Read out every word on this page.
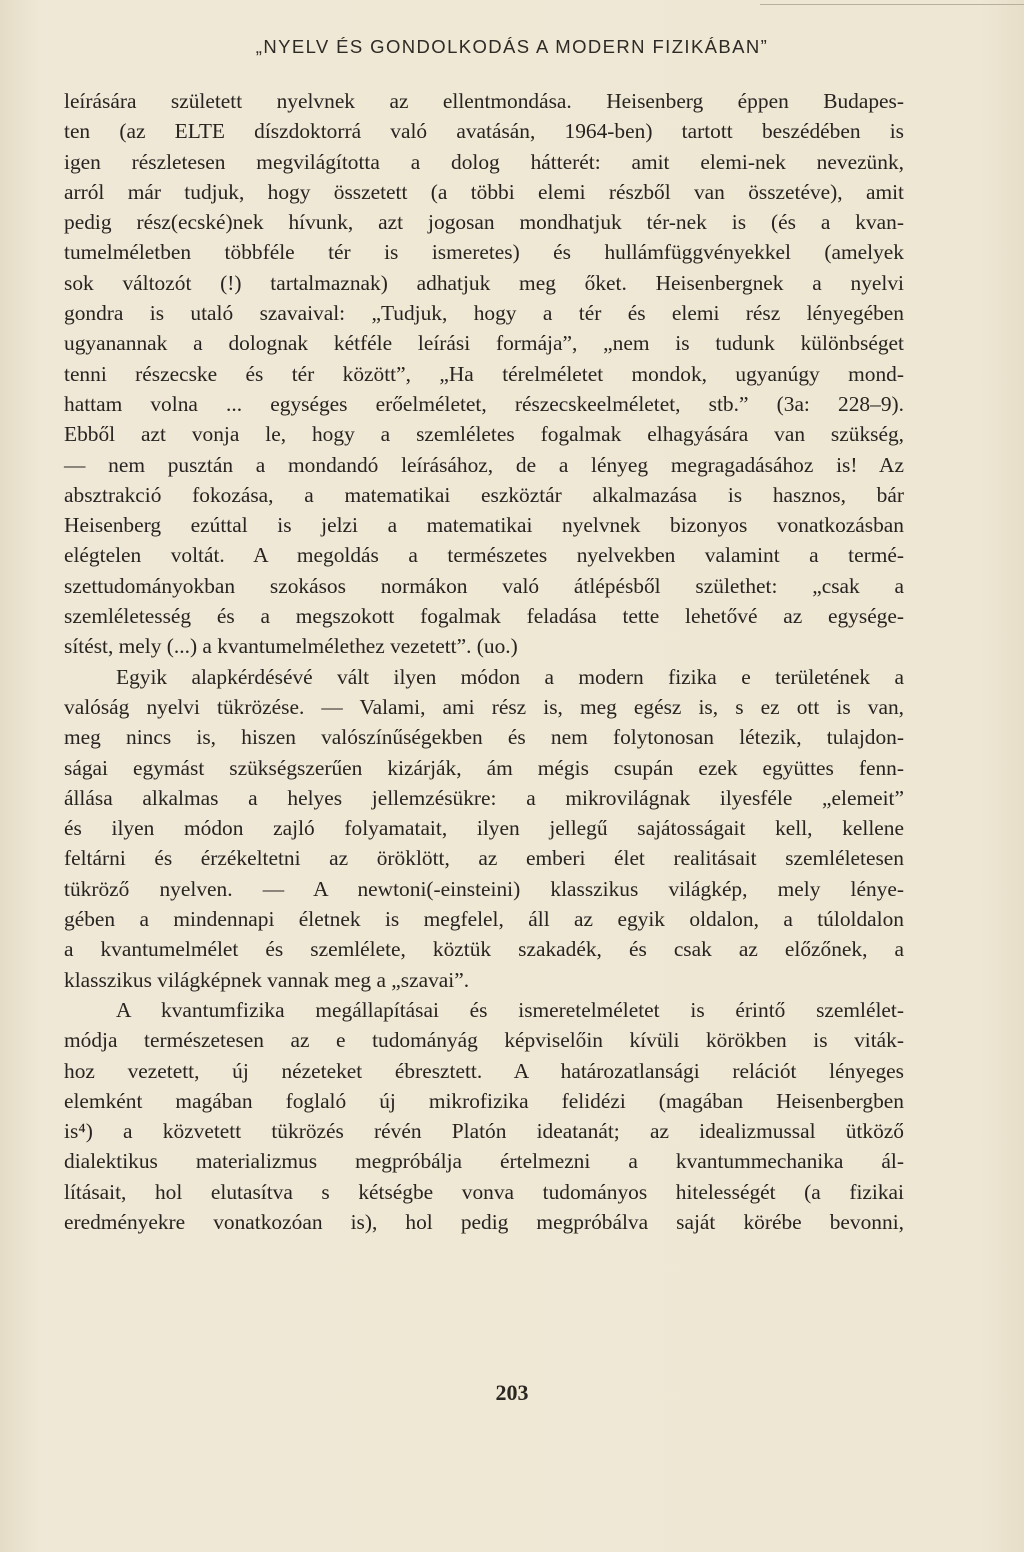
„NYELV ÉS GONDOLKODÁS A MODERN FIZIKÁBAN”
leírására született nyelvnek az ellentmondása. Heisenberg éppen Budapes-
ten (az ELTE díszdoktorrá való avatásán, 1964-ben) tartott beszédében is
igen részletesen megvilágította a dolog hátterét: amit elemi-nek nevezünk,
arról már tudjuk, hogy összetett (a többi elemi részből van összetéve), amit
pedig rész(ecské)nek hívunk, azt jogosan mondhatjuk tér-nek is (és a kvan-
tumelméletben többféle tér is ismeretes) és hullámfüggvényekkel (amelyek
sok változót (!) tartalmaznak) adhatjuk meg őket. Heisenbergnek a nyelvi
gondra is utaló szavaival: „Tudjuk, hogy a tér és elemi rész lényegében
ugyanannak a dolognak kétféle leírási formája”, „nem is tudunk különbséget
tenni részecske és tér között”, „Ha térelméletet mondok, ugyanúgy mond-
hattam volna ... egységes erőelméletet, részecskeelméletet, stb.” (3a: 228–9).
Ebből azt vonja le, hogy a szemléletes fogalmak elhagyására van szükség,
— nem pusztán a mondandó leírásához, de a lényeg megragadásához is! Az
absztrakció fokozása, a matematikai eszköztár alkalmazása is hasznos, bár
Heisenberg ezúttal is jelzi a matematikai nyelvnek bizonyos vonatkozásban
elégtelen voltát. A megoldás a természetes nyelvekben valamint a termé-
szettudományokban szokásos normákon való átlépésből születhet: „csak a
szemléletesség és a megszokott fogalmak feladása tette lehetővé az egysége-
sítést, mely (...) a kvantumelmélethez vezetett”. (uo.)
Egyik alapkérdésévé vált ilyen módon a modern fizika e területének a
valóság nyelvi tükrözése. — Valami, ami rész is, meg egész is, s ez ott is van,
meg nincs is, hiszen valószínűségekben és nem folytonosan létezik, tulajdon-
ságai egymást szükségszerűen kizárják, ám mégis csupán ezek együttes fenn-
állása alkalmas a helyes jellemzésükre: a mikrovilágnak ilyesféle „elemeit”
és ilyen módon zajló folyamatait, ilyen jellegű sajátosságait kell, kellene
feltárni és érzékeltetni az öröklött, az emberi élet realitásait szemléletesen
tükröző nyelven. — A newtoni(-einsteini) klasszikus világkép, mely lénye-
gében a mindennapi életnek is megfelel, áll az egyik oldalon, a túloldalon
a kvantumelmélet és szemlélete, köztük szakadék, és csak az előzőnek, a
klasszikus világképnek vannak meg a „szavai”.
A kvantumfizika megállapításai és ismeretelméletet is érintő szemlélet-
módja természetesen az e tudományág képviselőin kívüli körökben is viták-
hoz vezetett, új nézeteket ébresztett. A határozatlansági relációt lényeges
elemként magában foglaló új mikrofizika felidézi (magában Heisenbergben
is⁴) a közvetett tükrözés révén Platón ideatanát; az idealizmussal ütköző
dialektikus materializmus megpróbálja értelmezni a kvantummechanika ál-
lításait, hol elutasítva s kétségbe vonva tudományos hitelességét (a fizikai
eredményekre vonatkozóan is), hol pedig megpróbálva saját körébe bevonni,
203
